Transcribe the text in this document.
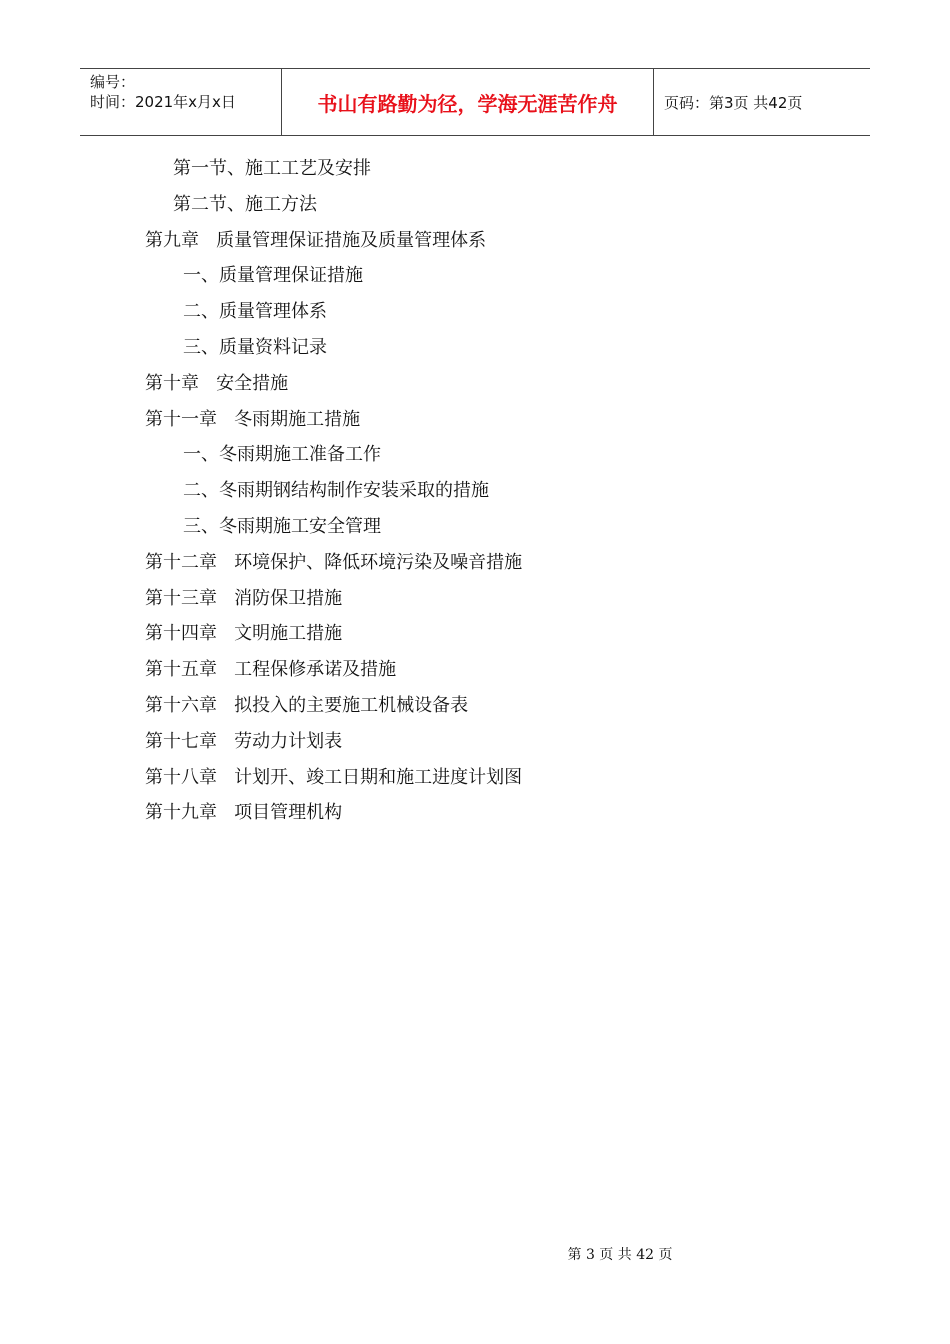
编号：
时间：2021年x月x日	书山有路勤为径，学海无涯苦作舟	页码：第3页 共42页
第一节、施工工艺及安排
第二节、施工方法
第九章   质量管理保证措施及质量管理体系
一、质量管理保证措施
二、质量管理体系
三、质量资料记录
第十章   安全措施
第十一章   冬雨期施工措施
一、冬雨期施工准备工作
二、冬雨期钢结构制作安装采取的措施
三、冬雨期施工安全管理
第十二章   环境保护、降低环境污染及噪音措施
第十三章   消防保卫措施
第十四章   文明施工措施
第十五章   工程保修承诺及措施
第十六章   拟投入的主要施工机械设备表
第十七章   劳动力计划表
第十八章   计划开、竣工日期和施工进度计划图
第十九章   项目管理机构
第 3 页 共 42 页
